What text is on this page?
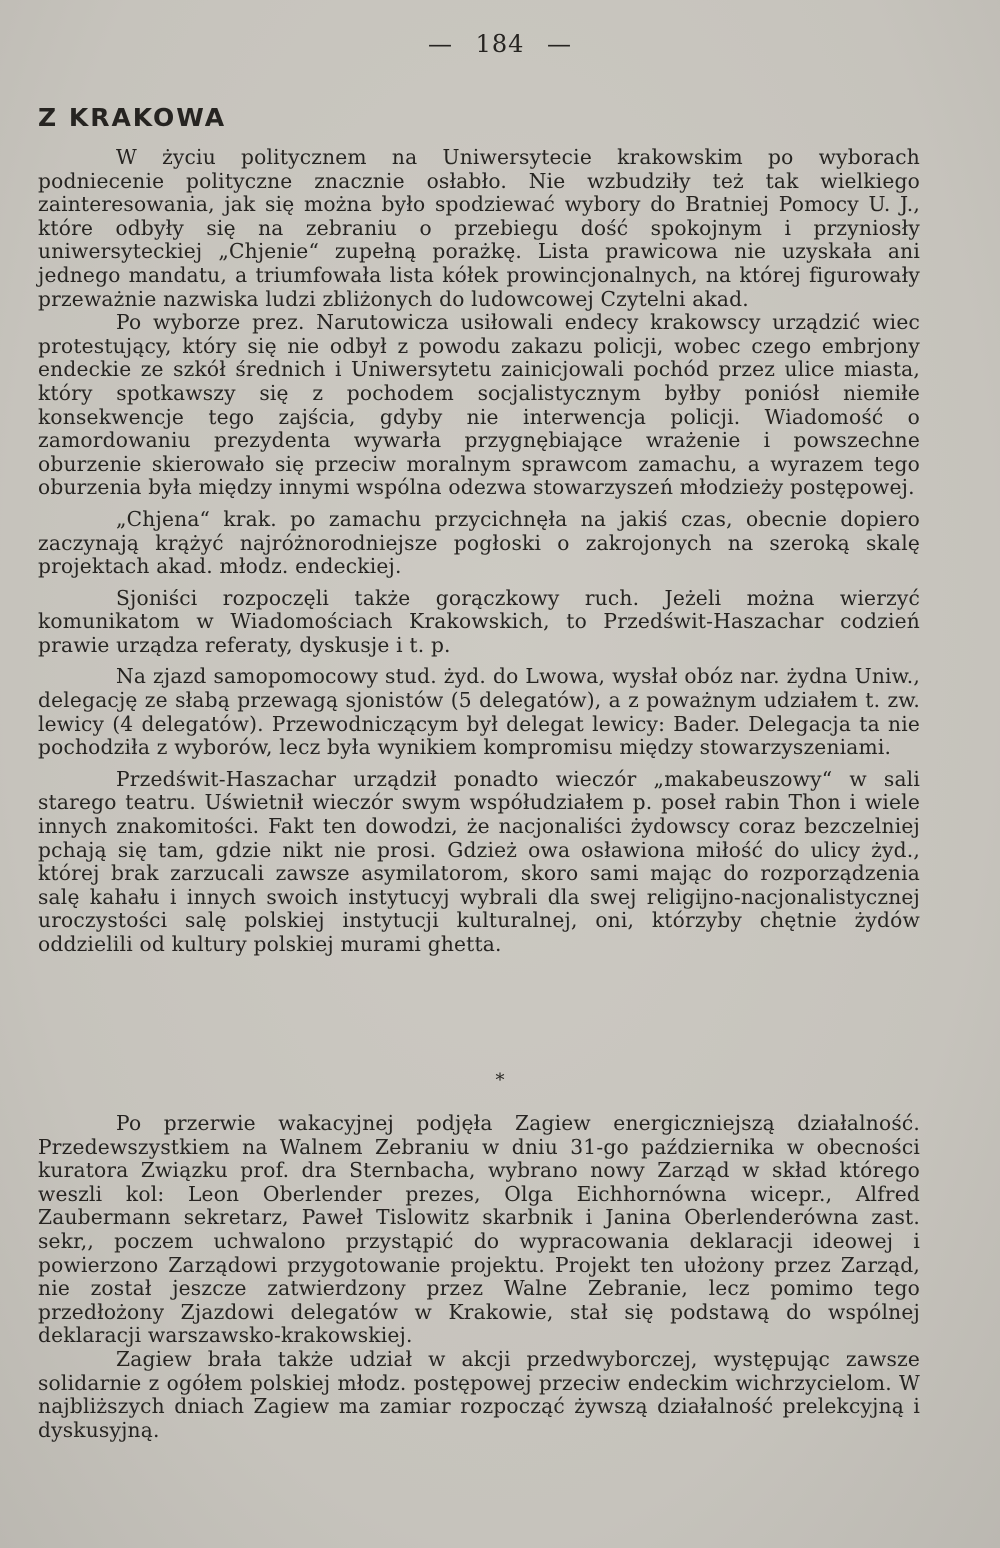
— 184 —
Z KRAKOWA

W życiu politycznem na Uniwersytecie krakowskim po wyborach podniecenie polityczne znacznie osłabło. Nie wzbudziły też tak wielkiego zainteresowania, jak się można było spodziewać wybory do Bratniej Pomocy U. J., które odbyły się na zebraniu o przebiegu dość spokojnym i przyniosły uniwersyteckiej „Chjenie“ zupełną porażkę. Lista prawicowa nie uzyskała ani jednego mandatu, a triumfowała lista kółek prowincjonalnych, na której figurowały przeważnie nazwiska ludzi zbliżonych do ludowcowej Czytelni akad.

Po wyborze prez. Narutowicza usiłowali endecy krakowscy urządzić wiec protestujący, który się nie odbył z powodu zakazu policji, wobec czego embrjony endeckie ze szkół średnich i Uniwersytetu zainicjowali pochód przez ulice miasta, który spotkawszy się z pochodem socjalistycznym byłby poniósł niemiłe konsekwencje tego zajścia, gdyby nie interwencja policji. Wiadomość o zamordowaniu prezydenta wywarła przygnębiające wrażenie i powszechne oburzenie skierowało się przeciw moralnym sprawcom zamachu, a wyrazem tego oburzenia była między innymi wspólna odezwa stowarzyszeń młodzieży postępowej.

„Chjena“ krak. po zamachu przycichnęła na jakiś czas, obecnie dopiero zaczynają krążyć najróżnorodniejsze pogłoski o zakrojonych na szeroką skalę projektach akad. młodz. endeckiej.

Sjoniści rozpoczęli także gorączkowy ruch. Jeżeli można wierzyć komunikatom w Wiadomościach Krakowskich, to Przedświt-Haszachar codzień prawie urządza referaty, dyskusje i t. p.

Na zjazd samopomocowy stud. żyd. do Lwowa, wysłał obóz nar. żydna Uniw., delegację ze słabą przewagą sjonistów (5 delegatów), a z poważnym udziałem t. zw. lewicy (4 delegatów). Przewodniczącym był delegat lewicy: Bader. Delegacja ta nie pochodziła z wyborów, lecz była wynikiem kompromisu między stowarzyszeniami.

Przedświt-Haszachar urządził ponadto wieczór „makabeuszowy“ w sali starego teatru. Uświetnił wieczór swym współudziałem p. poseł rabin Thon i wiele innych znakomitości. Fakt ten dowodzi, że nacjonaliści żydowscy coraz bezczelniej pchają się tam, gdzie nikt nie prosi. Gdzież owa osławiona miłość do ulicy żyd., której brak zarzucali zawsze asymilatorom, skoro sami mając do rozporządzenia salę kahału i innych swoich instytucyj wybrali dla swej religijno-nacjonalistycznej uroczystości salę polskiej instytucji kulturalnej, oni, którzyby chętnie żydów oddzielili od kultury polskiej murami ghetta.

*

Po przerwie wakacyjnej podjęła Zagiew energiczniejszą działalność. Przedewszystkiem na Walnem Zebraniu w dniu 31-go października w obecności kuratora Związku prof. dra Sternbacha, wybrano nowy Zarząd w skład którego weszli kol: Leon Oberlender prezes, Olga Eichhornówna wicepr., Alfred Zaubermann sekretarz, Paweł Tislowitz skarbnik i Janina Oberlenderówna zast. sekr,, poczem uchwalono przystąpić do wypracowania deklaracji ideowej i powierzono Zarządowi przygotowanie projektu. Projekt ten ułożony przez Zarząd, nie został jeszcze zatwierdzony przez Walne Zebranie, lecz pomimo tego przedłożony Zjazdowi delegatów w Krakowie, stał się podstawą do wspólnej deklaracji warszawsko-krakowskiej.

Zagiew brała także udział w akcji przedwyborczej, występując zawsze solidarnie z ogółem polskiej młodz. postępowej przeciw endeckim wichrzycielom. W najbliższych dniach Zagiew ma zamiar rozpocząć żywszą działalność prelekcyjną i dyskusyjną.
